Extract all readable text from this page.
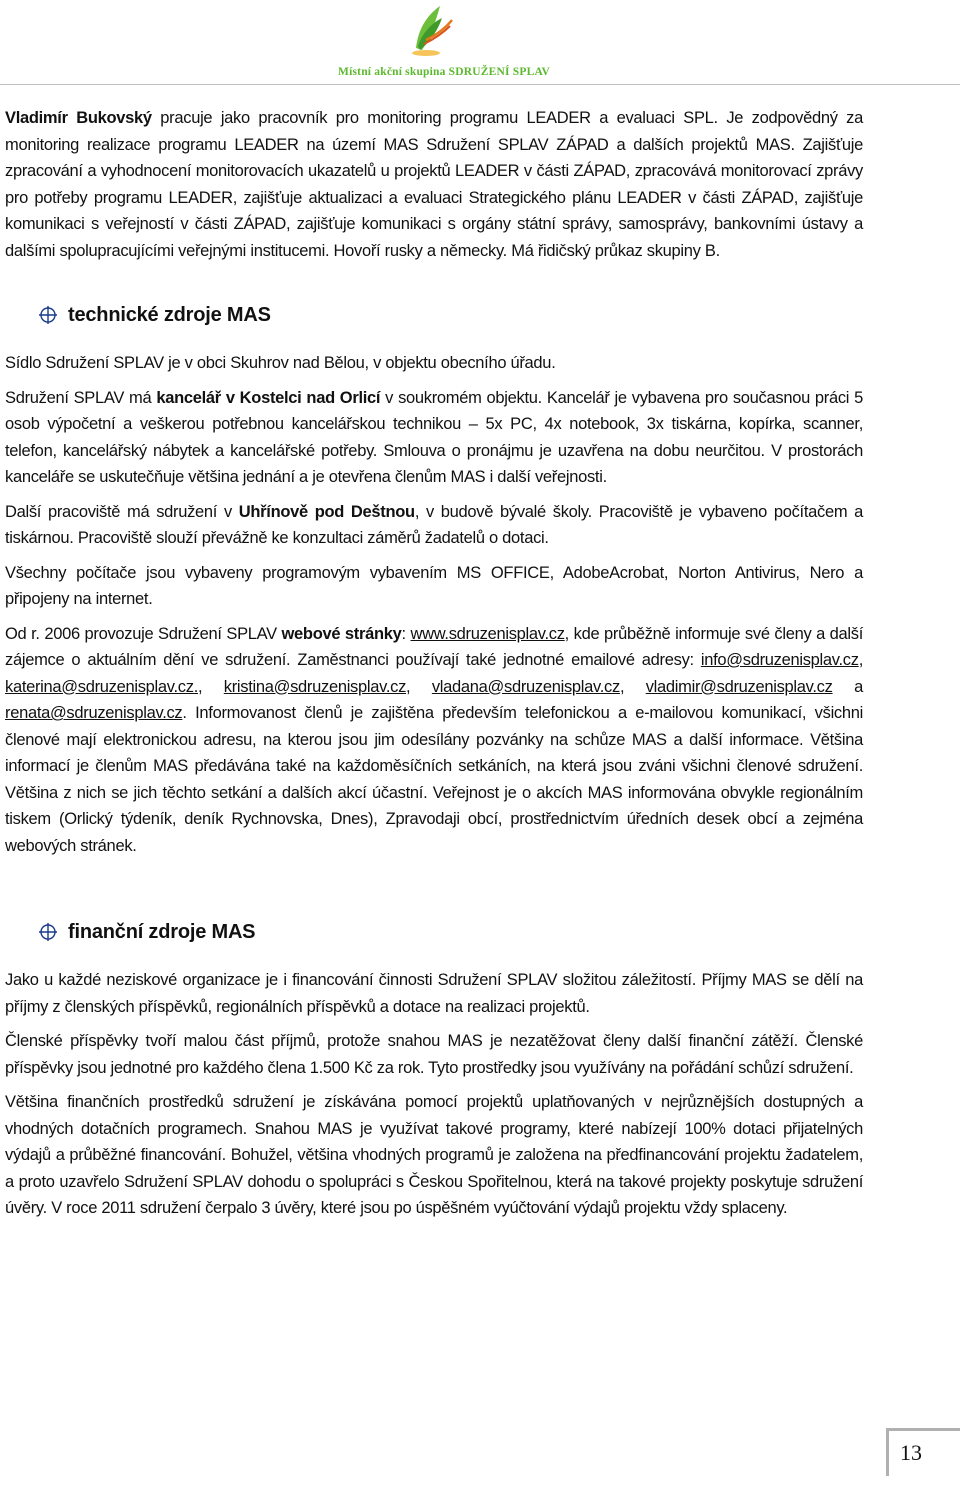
Místní akční skupina SDRUŽENÍ SPLAV

Vladimír Bukovský pracuje jako pracovník pro monitoring programu LEADER a evaluaci SPL. Je zodpovědný za monitoring realizace programu LEADER na území MAS Sdružení SPLAV ZÁPAD a dalších projektů MAS. Zajišťuje zpracování a vyhodnocení monitorovacích ukazatelů u projektů LEADER v části ZÁPAD, zpracovává monitorovací zprávy pro potřeby programu LEADER, zajišťuje aktualizaci a evaluaci Strategického plánu LEADER v části ZÁPAD, zajišťuje komunikaci s veřejností v části ZÁPAD, zajišťuje komunikaci s orgány státní správy, samosprávy, bankovními ústavy a dalšími spolupracujícími veřejnými institucemi. Hovoří rusky a německy. Má řidičský průkaz skupiny B.

technické zdroje MAS

Sídlo Sdružení SPLAV je v obci Skuhrov nad Bělou, v objektu obecního úřadu.

Sdružení SPLAV má kancelář v Kostelci nad Orlicí v soukromém objektu. Kancelář je vybavena pro současnou práci 5 osob výpočetní a veškerou potřebnou kancelářskou technikou – 5x PC, 4x notebook, 3x tiskárna, kopírka, scanner, telefon, kancelářský nábytek a kancelářské potřeby. Smlouva o pronájmu je uzavřena na dobu neurčitou. V prostorách kanceláře se uskutečňuje většina jednání a je otevřena členům MAS i další veřejnosti.

Další pracoviště má sdružení v Uhřínově pod Deštnou, v budově bývalé školy. Pracoviště je vybaveno počítačem a tiskárnou. Pracoviště slouží převážně ke konzultaci záměrů žadatelů o dotaci.

Všechny počítače jsou vybaveny programovým vybavením MS OFFICE, AdobeAcrobat, Norton Antivirus, Nero a připojeny na internet.

Od r. 2006 provozuje Sdružení SPLAV webové stránky: www.sdruzenisplav.cz, kde průběžně informuje své členy a další zájemce o aktuálním dění ve sdružení. Zaměstnanci používají také jednotné emailové adresy: info@sdruzenisplav.cz, katerina@sdruzenisplav.cz., kristina@sdruzenisplav.cz, vladana@sdruzenisplav.cz, vladimir@sdruzenisplav.cz a renata@sdruzenisplav.cz. Informovanost členů je zajištěna především telefonickou a e-mailovou komunikací, všichni členové mají elektronickou adresu, na kterou jsou jim odesílány pozvánky na schůze MAS a další informace. Většina informací je členům MAS předávána také na každoměsíčních setkáních, na která jsou zváni všichni členové sdružení. Většina z nich se jich těchto setkání a dalších akcí účastní. Veřejnost je o akcích MAS informována obvykle regionálním tiskem (Orlický týdeník, deník Rychnovska, Dnes), Zpravodaji obcí, prostřednictvím úředních desek obcí a zejména webových stránek.

finanční zdroje MAS

Jako u každé neziskové organizace je i financování činnosti Sdružení SPLAV složitou záležitostí. Příjmy MAS se dělí na příjmy z členských příspěvků, regionálních příspěvků a dotace na realizaci projektů.

Členské příspěvky tvoří malou část příjmů, protože snahou MAS je nezatěžovat členy další finanční zátěží. Členské příspěvky jsou jednotné pro každého člena 1.500 Kč za rok. Tyto prostředky jsou využívány na pořádání schůzí sdružení.

Většina finančních prostředků sdružení je získávána pomocí projektů uplatňovaných v nejrůznějších dostupných a vhodných dotačních programech. Snahou MAS je využívat takové programy, které nabízejí 100% dotaci přijatelných výdajů a průběžné financování. Bohužel, většina vhodných programů je založena na předfinancování projektu žadatelem, a proto uzavřelo Sdružení SPLAV dohodu o spolupráci s Českou Spořitelnou, která na takové projekty poskytuje sdružení úvěry. V roce 2011 sdružení čerpalo 3 úvěry, které jsou po úspěšném vyúčtování výdajů projektu vždy splaceny.

13
